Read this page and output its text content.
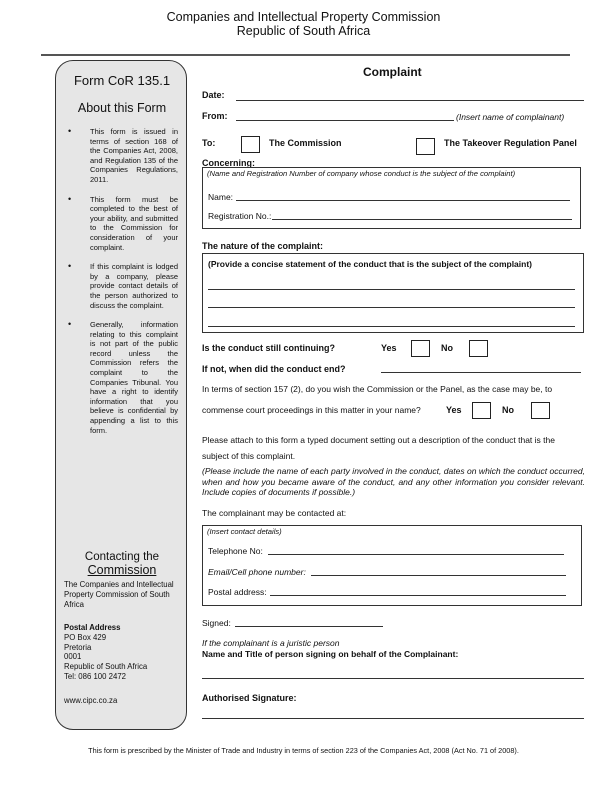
Companies and Intellectual Property Commission
Republic of South Africa
Form CoR 135.1
About this Form
• This form is issued in terms of section 168 of the Companies Act, 2008, and Regulation 135 of the Companies Regulations, 2011.
• This form must be completed to the best of your ability, and submitted to the Commission for consideration of your complaint.
• If this complaint is lodged by a company, please provide contact details of the person authorized to discuss the complaint.
• Generally, information relating to this complaint is not part of the public record unless the Commission refers the complaint to the Companies Tribunal. You have a right to identify information that you believe is confidential by appending a list to this form.
Contacting the
Commission
The Companies and Intellectual Property Commission of South Africa
Postal Address
PO Box 429
Pretoria
0001
Republic of South Africa
Tel: 086 100 2472
www.cipc.co.za
Complaint
Date:
From:	(Insert name of complainant)
To:	The Commission	The Takeover Regulation Panel
Concerning:
(Name and Registration Number of company whose conduct is the subject of the complaint)
Name:
Registration No.:
The nature of the complaint:
(Provide a concise statement of the conduct that is the subject of the complaint)
Is the conduct still continuing?	Yes	No
If not, when did the conduct end?
In terms of section 157 (2), do you wish the Commission or the Panel, as the case may be, to
commense court proceedings in this matter in your name?	Yes	No
Please attach to this form a typed document setting out a description of the conduct that is the
subject of this complaint.
(Please include the name of each party involved in the conduct, dates on which the conduct occurred, when and how you became aware of the conduct, and any other information you consider relevant. Include copies of documents if possible.)
The complainant may be contacted at:
(Insert contact details)
Telephone No:
Email/Cell phone number:
Postal address:
Signed:
If the complainant is a juristic person
Name and Title of person signing on behalf of the Complainant:
Authorised Signature:
This form is prescribed by the Minister of Trade and Industry in terms of section 223 of the Companies Act, 2008 (Act No. 71 of 2008).
